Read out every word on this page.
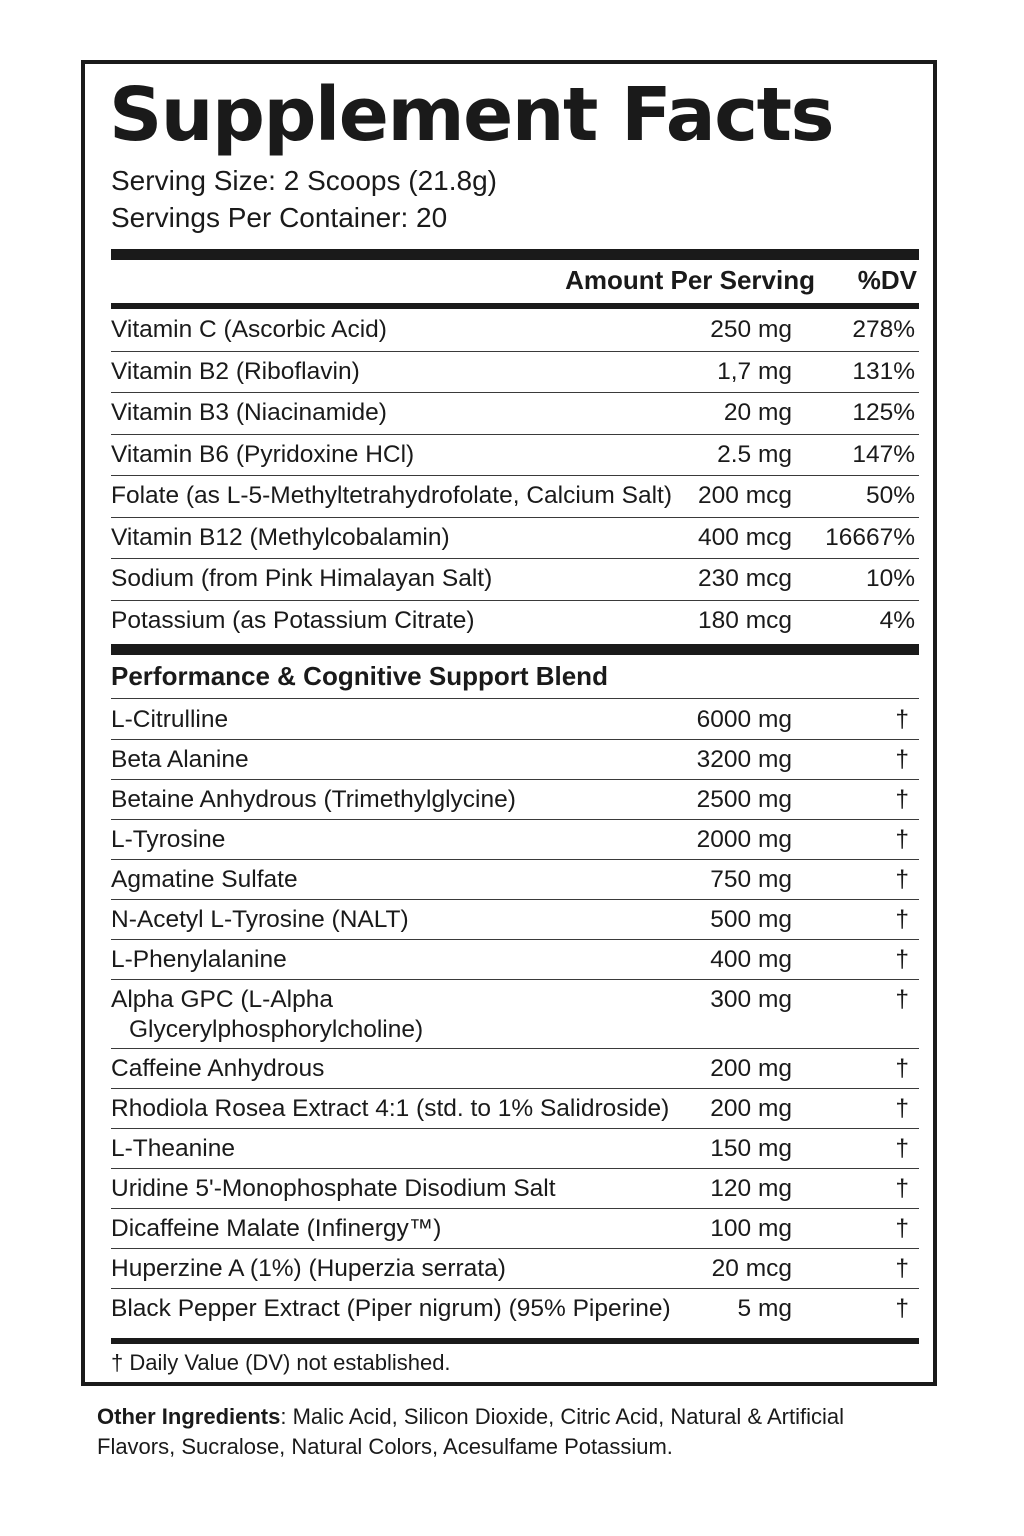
Supplement Facts
Serving Size: 2 Scoops (21.8g)
Servings Per Container: 20
Amount Per Serving %DV
Vitamin C (Ascorbic Acid)	250 mg 278%
Vitamin B2 (Riboflavin)	1,7 mg 131%
Vitamin B3 (Niacinamide)	20 mg 125%
Vitamin B6 (Pyridoxine HCl)	2.5 mg 147%
Folate (as L-5-Methyltetrahydrofolate, Calcium Salt) 200 mcg	50%
Vitamin B12 (Methylcobalamin)	400 mcg 16667%
Sodium (from Pink Himalayan Salt)	230 mcg	10%
Potassium (as Potassium Citrate)	180 mcg	4%
Performance & Cognitive Support Blend
L-Citrulline	6000 mg	†
Beta Alanine	3200 mg	†
Betaine Anhydrous (Trimethylglycine)	2500 mg	†
L-Tyrosine	2000 mg	†
Agmatine Sulfate	750 mg	†
N-Acetyl L-Tyrosine (NALT)	500 mg	†
L-Phenylalanine	400 mg	†
Alpha GPC (L-Alpha
Glycerylphosphorylcholine)
300 mg	†
Caffeine Anhydrous	200 mg	†
Rhodiola Rosea Extract 4:1 (std. to 1% Salidroside) 200 mg	†
L-Theanine	150 mg	†
Uridine 5'-Monophosphate Disodium Salt	120 mg	†
Dicaffeine Malate (Infinergy™)	100 mg	†
Huperzine A (1%) (Huperzia serrata)	20 mcg	†
Black Pepper Extract (Piper nigrum) (95% Piperine)	5 mg	†
† Daily Value (DV) not established.
Other Ingredients: Malic Acid, Silicon Dioxide, Citric Acid, Natural & Artificial Flavors, Sucralose, Natural Colors, Acesulfame Potassium.
